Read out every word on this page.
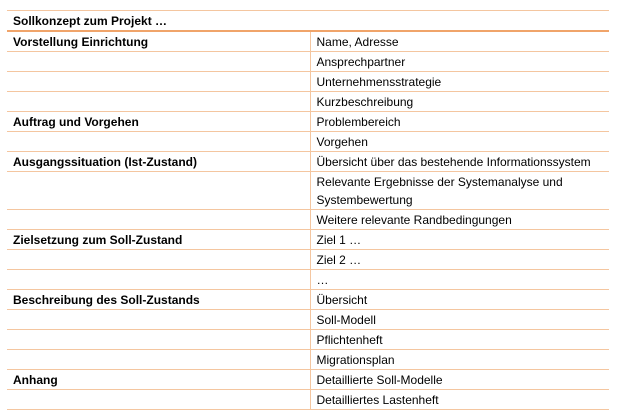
Sollkonzept zum Projekt …	
Vorstellung Einrichtung	Name, Adresse
	Ansprechpartner
	Unternehmensstrategie
	Kurzbeschreibung
Auftrag und Vorgehen	Problembereich
	Vorgehen
Ausgangssituation (Ist-Zustand)	Übersicht über das bestehende Informationssystem
	Relevante Ergebnisse der Systemanalyse und Systembewertung
	Weitere relevante Randbedingungen
Zielsetzung zum Soll-Zustand	Ziel 1 …
	Ziel 2 …
	…
Beschreibung des Soll-Zustands	Übersicht
	Soll-Modell
	Pflichtenheft
	Migrationsplan
Anhang	Detaillierte Soll-Modelle
	Detailliertes Lastenheft
